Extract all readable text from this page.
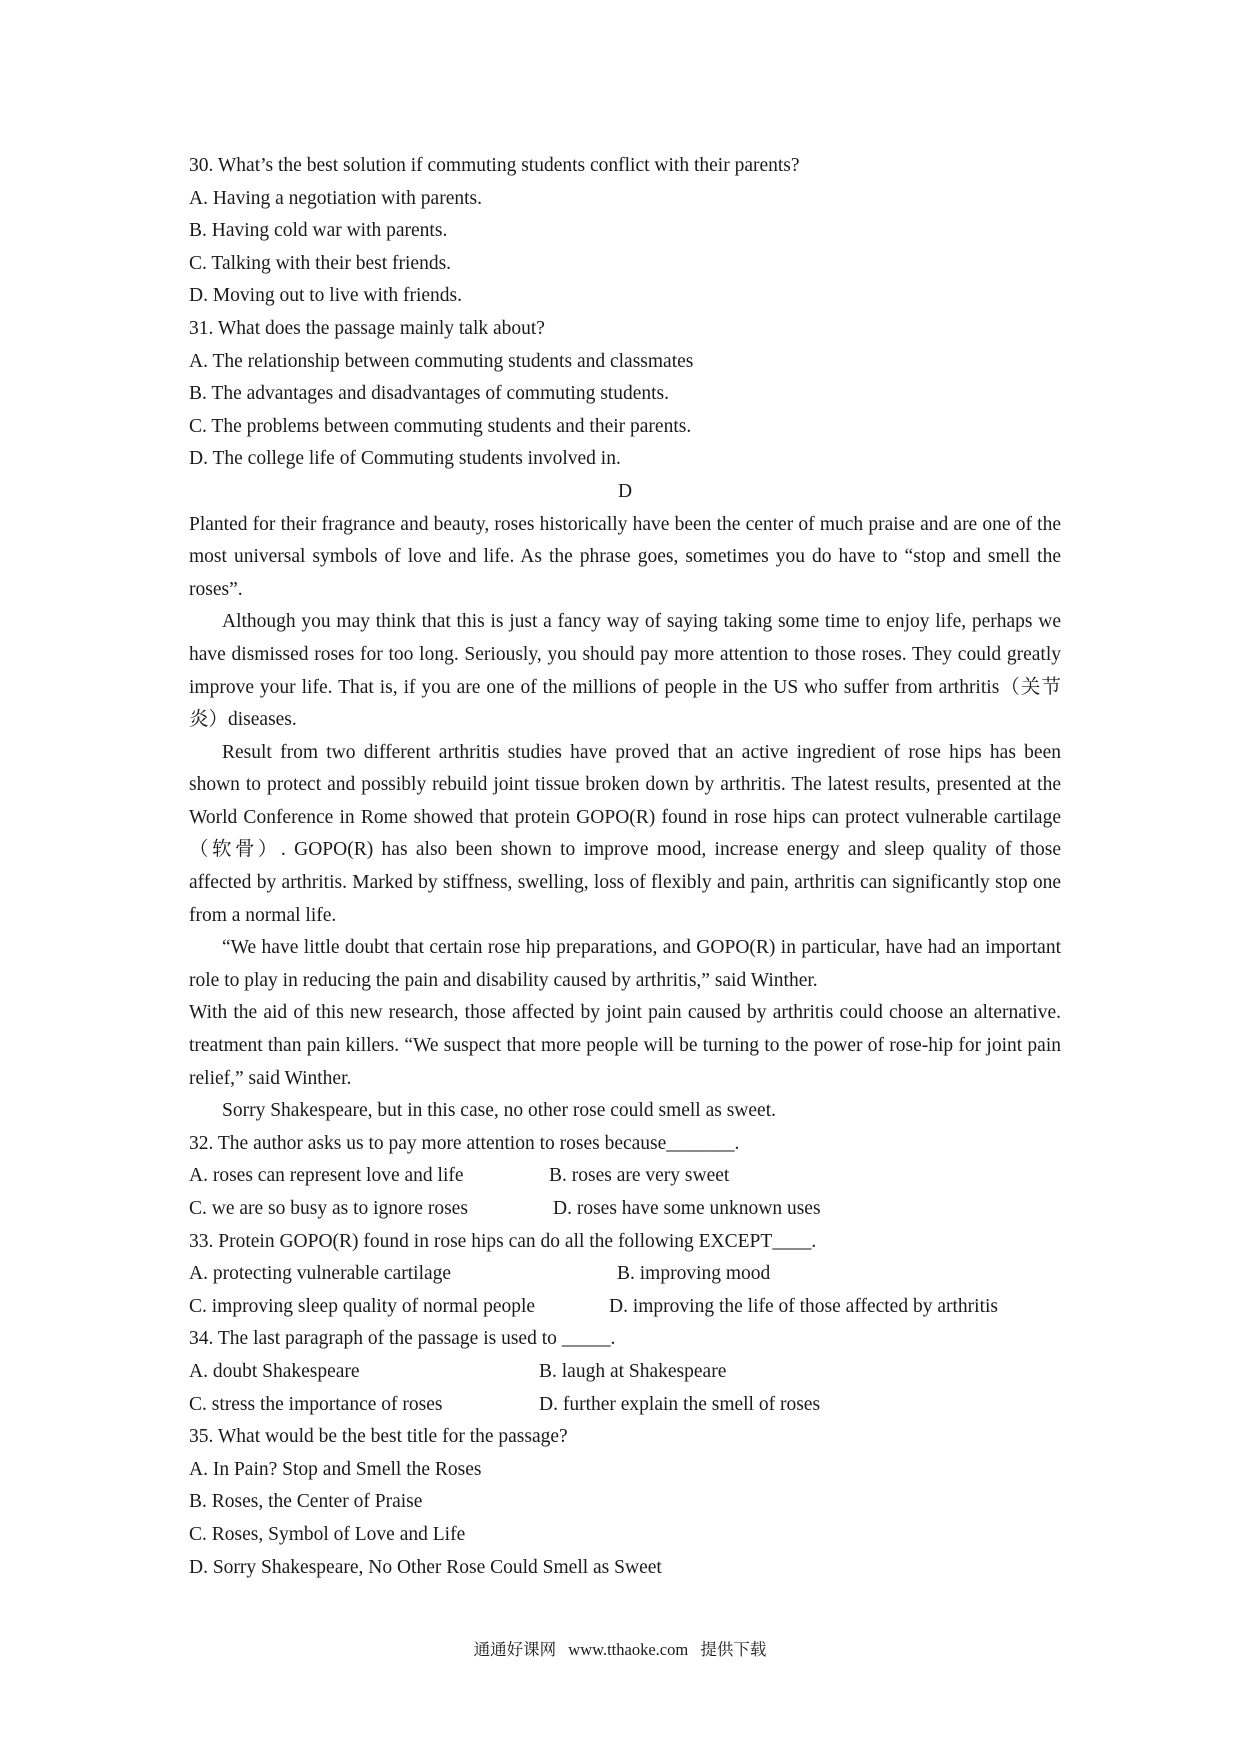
30. What’s the best solution if commuting students conflict with their parents?
A. Having a negotiation with parents.
B. Having cold war with parents.
C. Talking with their best friends.
D. Moving out to live with friends.
31. What does the passage mainly talk about?
A. The relationship between commuting students and classmates
B. The advantages and disadvantages of commuting students.
C. The problems between commuting students and their parents.
D. The college life of Commuting students involved in.
D
Planted for their fragrance and beauty, roses historically have been the center of much praise and are one of the most universal symbols of love and life. As the phrase goes, sometimes you do have to “stop and smell the roses”.
Although you may think that this is just a fancy way of saying taking some time to enjoy life, perhaps we have dismissed roses for too long. Seriously, you should pay more attention to those roses. They could greatly improve your life. That is, if you are one of the millions of people in the US who suffer from arthritis（关节炎）diseases.
Result from two different arthritis studies have proved that an active ingredient of rose hips has been shown to protect and possibly rebuild joint tissue broken down by arthritis. The latest results, presented at the World Conference in Rome showed that protein GOPO(R) found in rose hips can protect vulnerable cartilage（软骨）. GOPO(R) has also been shown to improve mood, increase energy and sleep quality of those affected by arthritis. Marked by stiffness, swelling, loss of flexibly and pain, arthritis can significantly stop one from a normal life.
“We have little doubt that certain rose hip preparations, and GOPO(R) in particular, have had an important role to play in reducing the pain and disability caused by arthritis,” said Winther.
With the aid of this new research, those affected by joint pain caused by arthritis could choose an alternative. treatment than pain killers. “We suspect that more people will be turning to the power of rose-hip for joint pain relief,” said Winther.
Sorry Shakespeare, but in this case, no other rose could smell as sweet.
32. The author asks us to pay more attention to roses because_______.
A. roses can represent love and life	B. roses are very sweet
C. we are so busy as to ignore roses	D. roses have some unknown uses
33. Protein GOPO(R) found in rose hips can do all the following EXCEPT____.
A. protecting vulnerable cartilage	B. improving mood
C. improving sleep quality of normal people	D. improving the life of those affected by arthritis
34. The last paragraph of the passage is used to _____.
A. doubt Shakespeare	B. laugh at Shakespeare
C. stress the importance of roses	D. further explain the smell of roses
35. What would be the best title for the passage?
A. In Pain? Stop and Smell the Roses
B. Roses, the Center of Praise
C. Roses, Symbol of Love and Life
D. Sorry Shakespeare, No Other Rose Could Smell as Sweet
通通好课网 www.tthaoke.com 提供下载
